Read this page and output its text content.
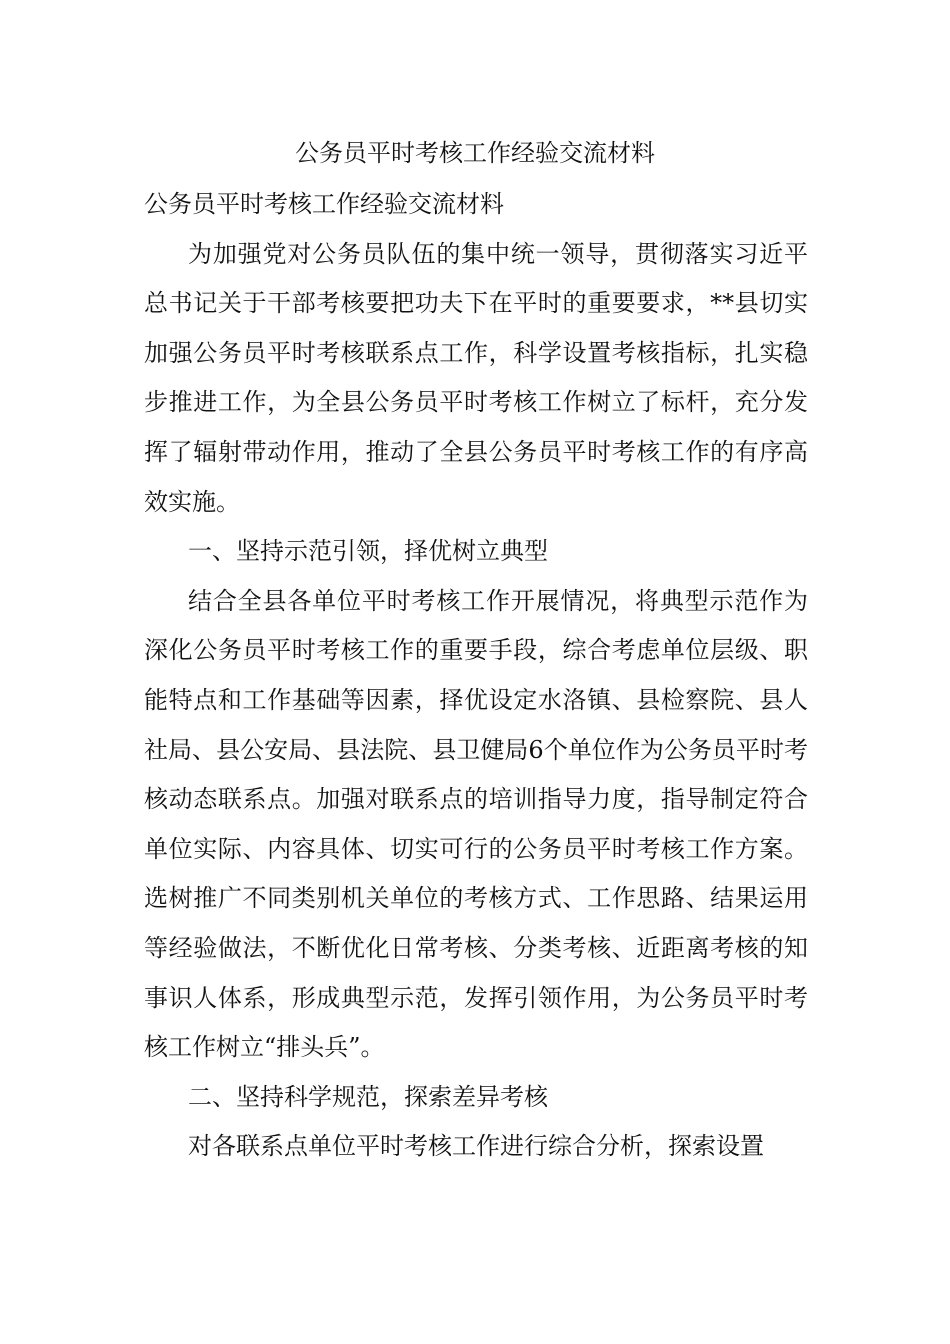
公务员平时考核工作经验交流材料

公务员平时考核工作经验交流材料

为加强党对公务员队伍的集中统一领导，贯彻落实习近平总书记关于干部考核要把功夫下在平时的重要要求，**县切实加强公务员平时考核联系点工作，科学设置考核指标，扎实稳步推进工作，为全县公务员平时考核工作树立了标杆，充分发挥了辐射带动作用，推动了全县公务员平时考核工作的有序高效实施。

一、坚持示范引领，择优树立典型

结合全县各单位平时考核工作开展情况，将典型示范作为深化公务员平时考核工作的重要手段，综合考虑单位层级、职能特点和工作基础等因素，择优设定水洛镇、县检察院、县人社局、县公安局、县法院、县卫健局6个单位作为公务员平时考核动态联系点。加强对联系点的培训指导力度，指导制定符合单位实际、内容具体、切实可行的公务员平时考核工作方案。选树推广不同类别机关单位的考核方式、工作思路、结果运用等经验做法，不断优化日常考核、分类考核、近距离考核的知事识人体系，形成典型示范，发挥引领作用，为公务员平时考核工作树立“排头兵”。

二、坚持科学规范，探索差异考核

对各联系点单位平时考核工作进行综合分析，探索设置
